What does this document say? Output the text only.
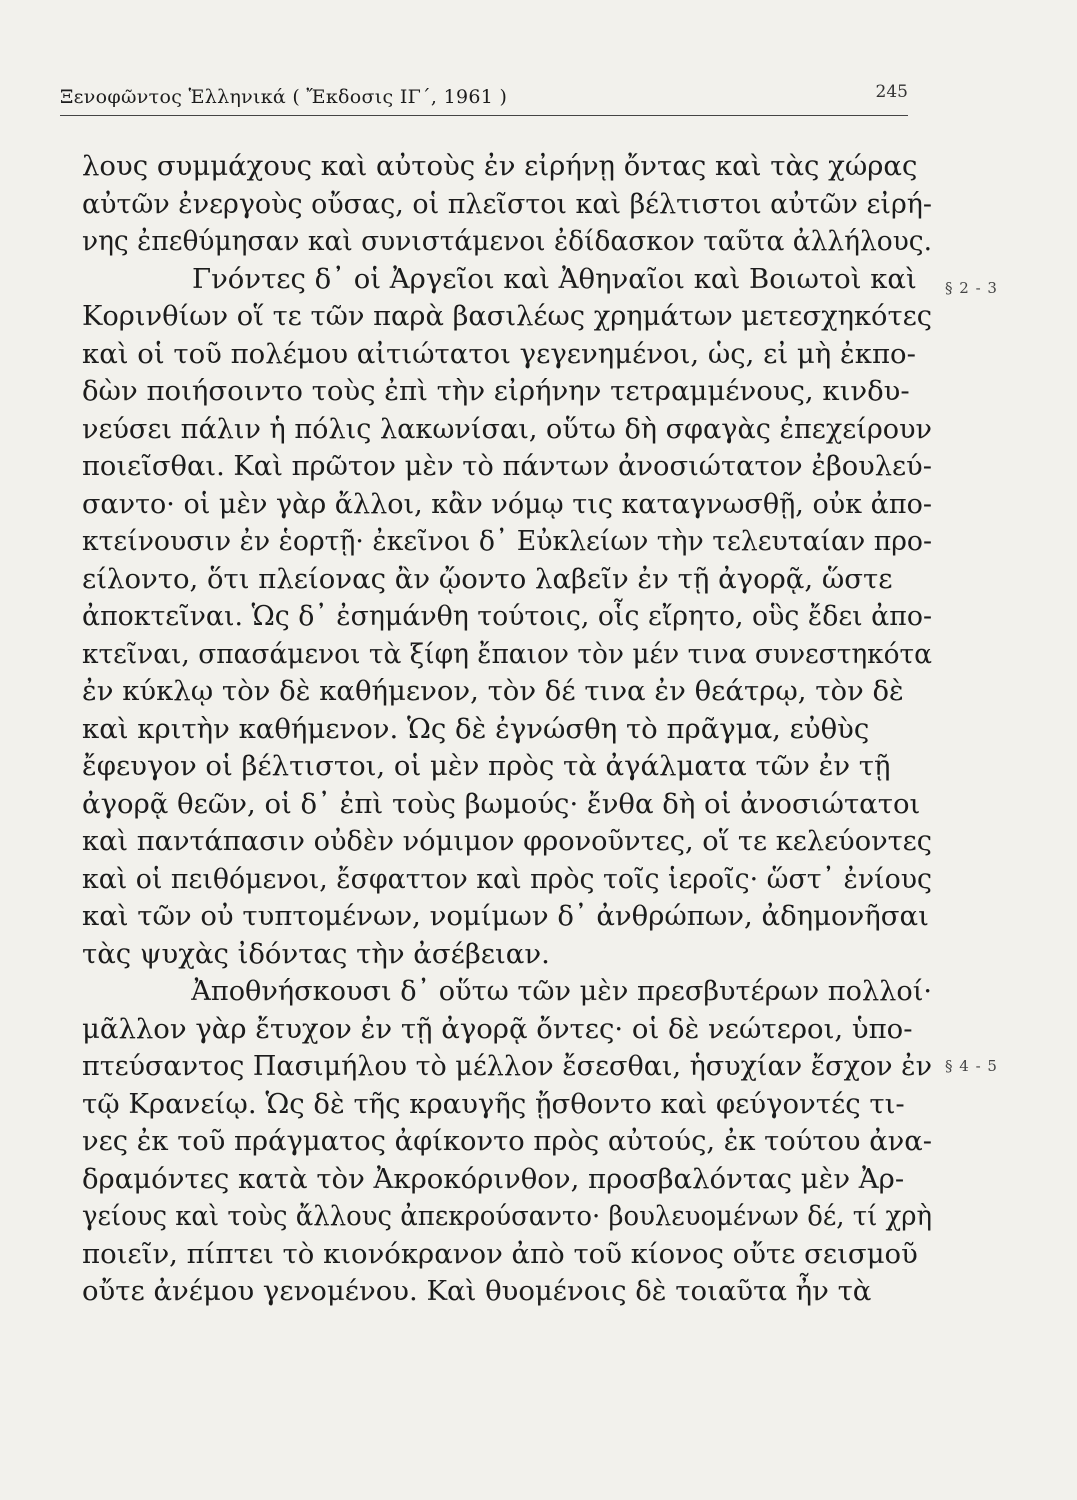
Ξενοφῶντος Ἑλληνικά ( Ἔκδοσις ΙΓ΄, 1961 )	245
λους συμμάχους καὶ αὐτοὺς ἐν εἰρήνῃ ὄντας καὶ τὰς χώρας
αὐτῶν ἐνεργοὺς οὔσας, οἱ πλεῖστοι καὶ βέλτιστοι αὐτῶν εἰρή-
νης ἐπεθύμησαν καὶ συνιστάμενοι ἐδίδασκον ταῦτα ἀλλήλους.
Γνόντες δ᾽ οἱ Ἀργεῖοι καὶ Ἀθηναῖοι καὶ Βοιωτοὶ καὶ
Κορινθίων οἵ τε τῶν παρὰ βασιλέως χρημάτων μετεσχηκότες
καὶ οἱ τοῦ πολέμου αἰτιώτατοι γεγενημένοι, ὡς, εἰ μὴ ἐκπο-
δὼν ποιήσοιντο τοὺς ἐπὶ τὴν εἰρήνην τετραμμένους, κινδυ-
νεύσει πάλιν ἡ πόλις λακωνίσαι, οὕτω δὴ σφαγὰς ἐπεχείρουν
ποιεῖσθαι. Καὶ πρῶτον μὲν τὸ πάντων ἀνοσιώτατον ἐβουλεύ-
σαντο· οἱ μὲν γὰρ ἄλλοι, κἂν νόμῳ τις καταγνωσθῇ, οὐκ ἀπο-
κτείνουσιν ἐν ἑορτῇ· ἐκεῖνοι δ᾽ Εὐκλείων τὴν τελευταίαν προ-
είλοντο, ὅτι πλείονας ἂν ᾤοντο λαβεῖν ἐν τῇ ἀγορᾷ, ὥστε
ἀποκτεῖναι. Ὡς δ᾽ ἐσημάνθη τούτοις, οἷς εἴρητο, οὓς ἔδει ἀπο-
κτεῖναι, σπασάμενοι τὰ ξίφη ἔπαιον τὸν μέν τινα συνεστηκότα
ἐν κύκλῳ τὸν δὲ καθήμενον, τὸν δέ τινα ἐν θεάτρῳ, τὸν δὲ
καὶ κριτὴν καθήμενον. Ὡς δὲ ἐγνώσθη τὸ πρᾶγμα, εὐθὺς
ἔφευγον οἱ βέλτιστοι, οἱ μὲν πρὸς τὰ ἀγάλματα τῶν ἐν τῇ
ἀγορᾷ θεῶν, οἱ δ᾽ ἐπὶ τοὺς βωμούς· ἔνθα δὴ οἱ ἀνοσιώτατοι
καὶ παντάπασιν οὐδὲν νόμιμον φρονοῦντες, οἵ τε κελεύοντες
καὶ οἱ πειθόμενοι, ἔσφαττον καὶ πρὸς τοῖς ἱεροῖς· ὥστ᾽ ἐνίους
καὶ τῶν οὐ τυπτομένων, νομίμων δ᾽ ἀνθρώπων, ἀδημονῆσαι
τὰς ψυχὰς ἰδόντας τὴν ἀσέβειαν.
Ἀποθνήσκουσι δ᾽ οὕτω τῶν μὲν πρεσβυτέρων πολλοί·
μᾶλλον γὰρ ἔτυχον ἐν τῇ ἀγορᾷ ὄντες· οἱ δὲ νεώτεροι, ὑπο-
πτεύσαντος Πασιμήλου τὸ μέλλον ἔσεσθαι, ἡσυχίαν ἔσχον ἐν
τῷ Κρανείῳ. Ὡς δὲ τῆς κραυγῆς ᾔσθοντο καὶ φεύγοντές τι-
νες ἐκ τοῦ πράγματος ἀφίκοντο πρὸς αὐτούς, ἐκ τούτου ἀνα-
δραμόντες κατὰ τὸν Ἀκροκόρινθον, προσβαλόντας μὲν Ἀρ-
γείους καὶ τοὺς ἄλλους ἀπεκρούσαντο· βουλευομένων δέ, τί χρὴ
ποιεῖν, πίπτει τὸ κιονόκρανον ἀπὸ τοῦ κίονος οὔτε σεισμοῦ
οὔτε ἀνέμου γενομένου. Καὶ θυομένοις δὲ τοιαῦτα ἦν τὰ
§ 2 - 3
§ 4 - 5
